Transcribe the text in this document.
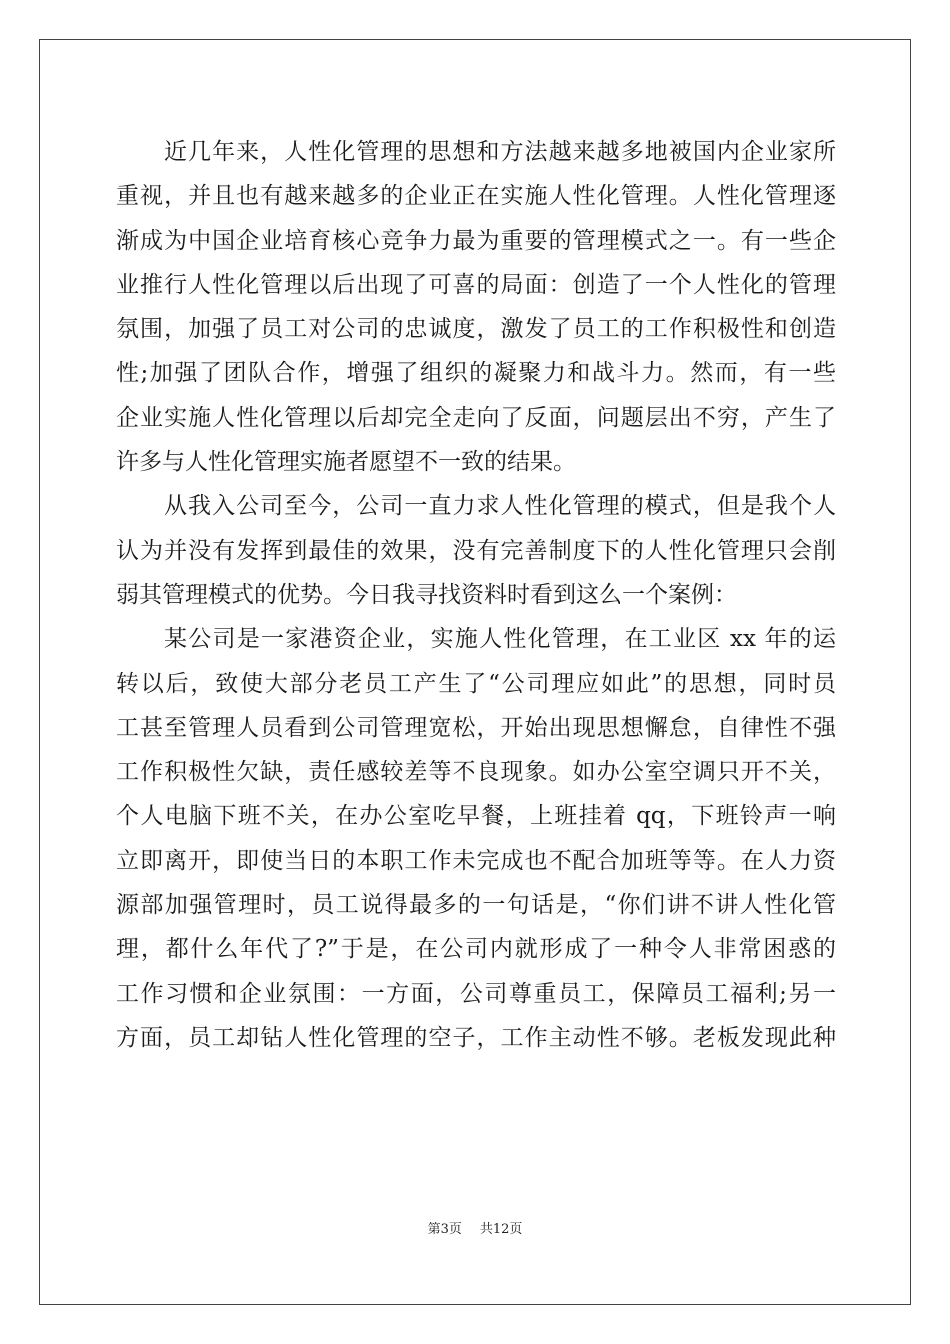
近几年来，人性化管理的思想和方法越来越多地被国内企业家所
重视，并且也有越来越多的企业正在实施人性化管理。人性化管理逐
渐成为中国企业培育核心竞争力最为重要的管理模式之一。有一些企
业推行人性化管理以后出现了可喜的局面：创造了一个人性化的管理
氛围，加强了员工对公司的忠诚度，激发了员工的工作积极性和创造
性;加强了团队合作，增强了组织的凝聚力和战斗力。然而，有一些
企业实施人性化管理以后却完全走向了反面，问题层出不穷，产生了
许多与人性化管理实施者愿望不一致的结果。
从我入公司至今，公司一直力求人性化管理的模式，但是我个人
认为并没有发挥到最佳的效果，没有完善制度下的人性化管理只会削
弱其管理模式的优势。今日我寻找资料时看到这么一个案例：
某公司是一家港资企业，实施人性化管理，在工业区 xx 年的运
转以后，致使大部分老员工产生了“公司理应如此”的思想，同时员
工甚至管理人员看到公司管理宽松，开始出现思想懈怠，自律性不强
工作积极性欠缺，责任感较差等不良现象。如办公室空调只开不关，
个人电脑下班不关，在办公室吃早餐，上班挂着 qq，下班铃声一响
立即离开，即使当日的本职工作未完成也不配合加班等等。在人力资
源部加强管理时，员工说得最多的一句话是，“你们讲不讲人性化管
理，都什么年代了?”于是，在公司内就形成了一种令人非常困惑的
工作习惯和企业氛围：一方面，公司尊重员工，保障员工福利;另一
方面，员工却钻人性化管理的空子，工作主动性不够。老板发现此种
第3页 共12页
